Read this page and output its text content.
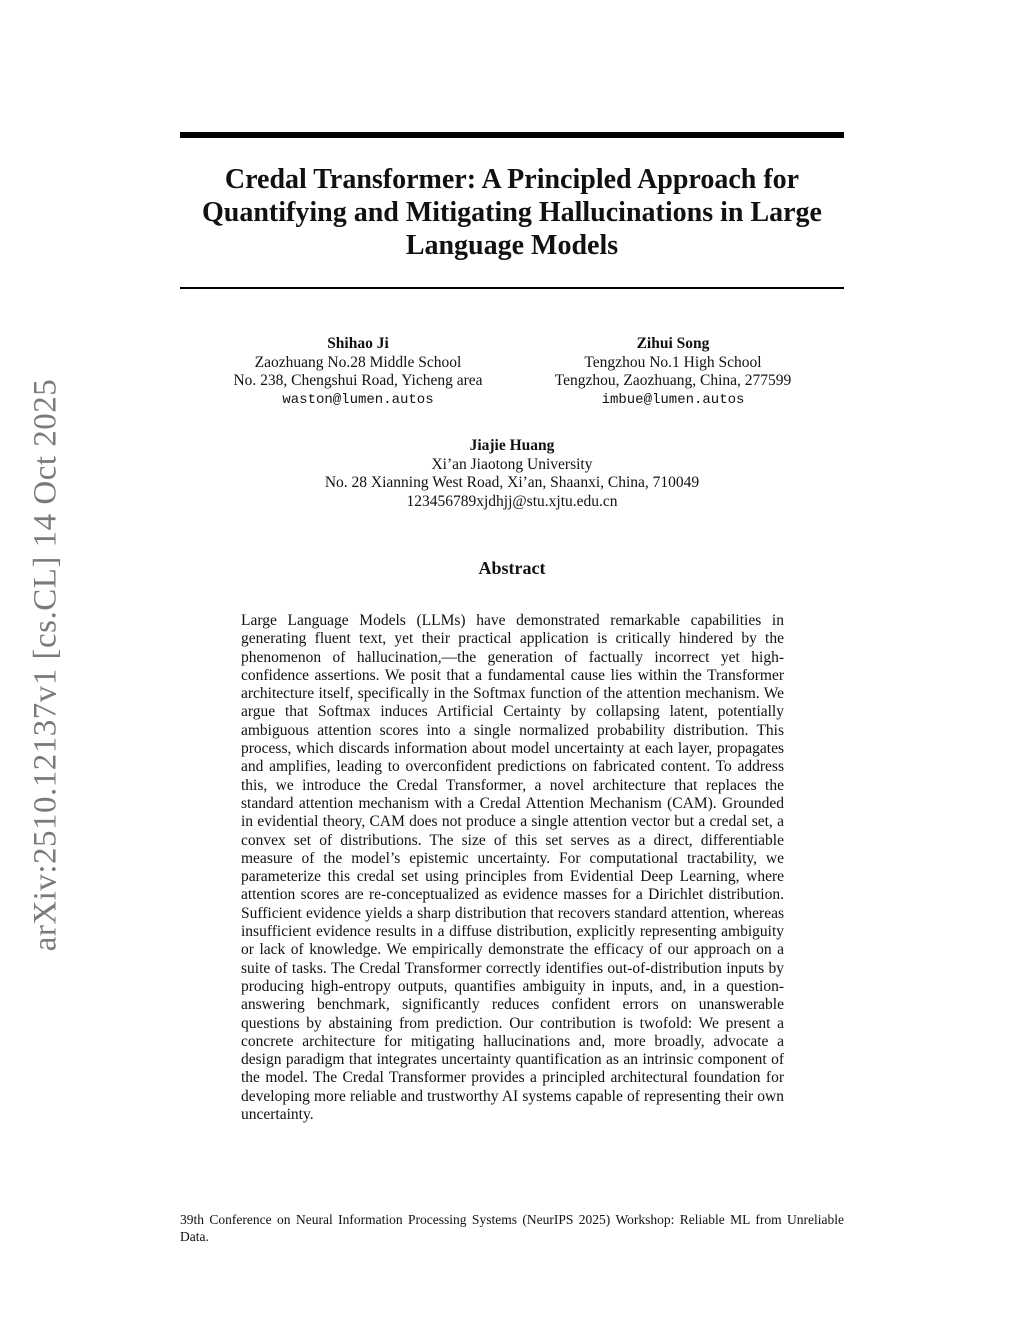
arXiv:2510.12137v1 [cs.CL] 14 Oct 2025
Credal Transformer: A Principled Approach for Quantifying and Mitigating Hallucinations in Large Language Models
Shihao Ji
Zaozhuang No.28 Middle School
No. 238, Chengshui Road, Yicheng area
waston@lumen.autos
Zihui Song
Tengzhou No.1 High School
Tengzhou, Zaozhuang, China, 277599
imbue@lumen.autos
Jiajie Huang
Xi’an Jiaotong University
No. 28 Xianning West Road, Xi’an, Shaanxi, China, 710049
123456789xjdhjj@stu.xjtu.edu.cn
Abstract

Large Language Models (LLMs) have demonstrated remarkable capabilities in generating fluent text, yet their practical application is critically hindered by the phenomenon of hallucination,—the generation of factually incorrect yet high-confidence assertions. We posit that a fundamental cause lies within the Transformer architecture itself, specifically in the Softmax function of the attention mechanism. We argue that Softmax induces Artificial Certainty by collapsing latent, potentially ambiguous attention scores into a single normalized probability distribution. This process, which discards information about model uncertainty at each layer, propagates and amplifies, leading to overconfident predictions on fabricated content. To address this, we introduce the Credal Transformer, a novel architecture that replaces the standard attention mechanism with a Credal Attention Mechanism (CAM). Grounded in evidential theory, CAM does not produce a single attention vector but a credal set, a convex set of distributions. The size of this set serves as a direct, differentiable measure of the model’s epistemic uncertainty. For computational tractability, we parameterize this credal set using principles from Evidential Deep Learning, where attention scores are re-conceptualized as evidence masses for a Dirichlet distribution. Sufficient evidence yields a sharp distribution that recovers standard attention, whereas insufficient evidence results in a diffuse distribution, explicitly representing ambiguity or lack of knowledge. We empirically demonstrate the efficacy of our approach on a suite of tasks. The Credal Transformer correctly identifies out-of-distribution inputs by producing high-entropy outputs, quantifies ambiguity in inputs, and, in a question-answering benchmark, significantly reduces confident errors on unanswerable questions by abstaining from prediction. Our contribution is twofold: We present a concrete architecture for mitigating hallucinations and, more broadly, advocate a design paradigm that integrates uncertainty quantification as an intrinsic component of the model. The Credal Transformer provides a principled architectural foundation for developing more reliable and trustworthy AI systems capable of representing their own uncertainty.

39th Conference on Neural Information Processing Systems (NeurIPS 2025) Workshop: Reliable ML from Unreliable Data.
